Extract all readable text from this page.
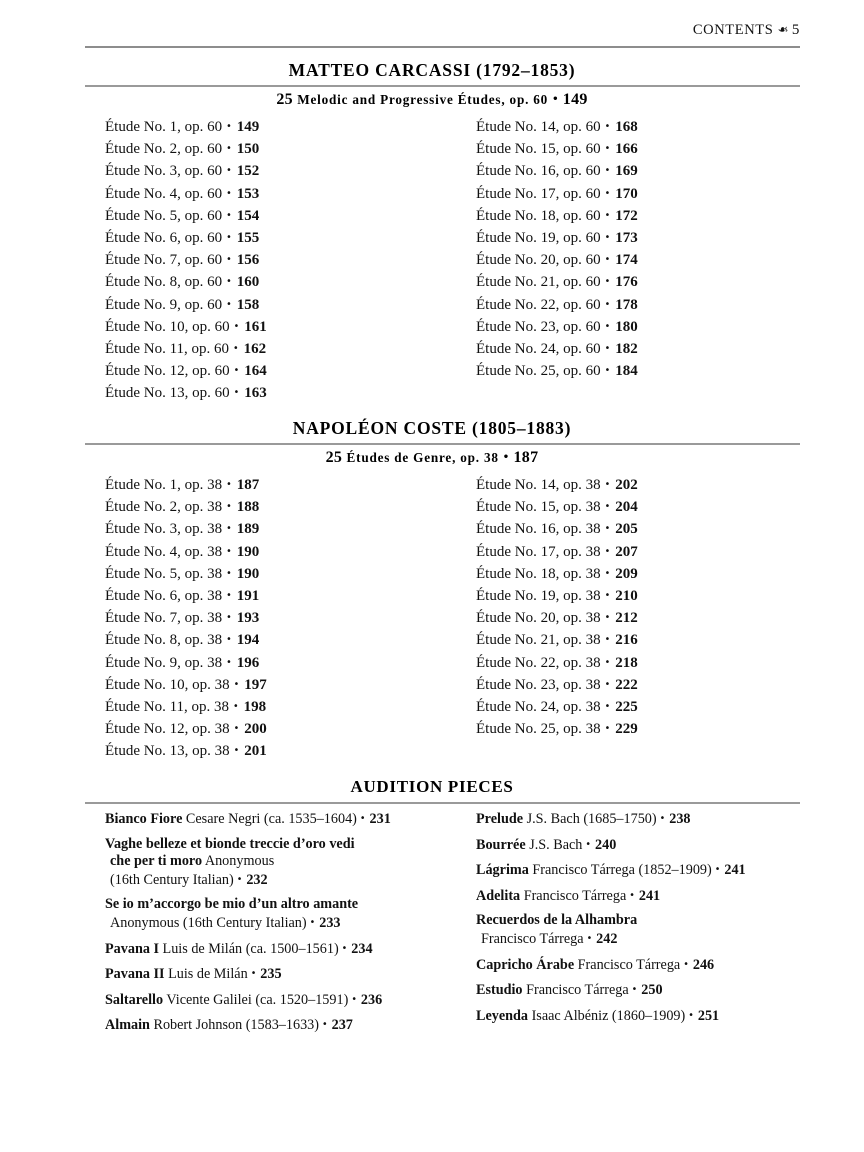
CONTENTS ❧ 5
MATTEO CARCASSI (1792–1853)
25 Melodic and Progressive Études, op. 60 • 149
Étude No. 1, op. 60 • 149
Étude No. 2, op. 60 • 150
Étude No. 3, op. 60 • 152
Étude No. 4, op. 60 • 153
Étude No. 5, op. 60 • 154
Étude No. 6, op. 60 • 155
Étude No. 7, op. 60 • 156
Étude No. 8, op. 60 • 160
Étude No. 9, op. 60 • 158
Étude No. 10, op. 60 • 161
Étude No. 11, op. 60 • 162
Étude No. 12, op. 60 • 164
Étude No. 13, op. 60 • 163
Étude No. 14, op. 60 • 168
Étude No. 15, op. 60 • 166
Étude No. 16, op. 60 • 169
Étude No. 17, op. 60 • 170
Étude No. 18, op. 60 • 172
Étude No. 19, op. 60 • 173
Étude No. 20, op. 60 • 174
Étude No. 21, op. 60 • 176
Étude No. 22, op. 60 • 178
Étude No. 23, op. 60 • 180
Étude No. 24, op. 60 • 182
Étude No. 25, op. 60 • 184
NAPOLÉON COSTE (1805–1883)
25 Études de Genre, op. 38 • 187
Étude No. 1, op. 38 • 187
Étude No. 2, op. 38 • 188
Étude No. 3, op. 38 • 189
Étude No. 4, op. 38 • 190
Étude No. 5, op. 38 • 190
Étude No. 6, op. 38 • 191
Étude No. 7, op. 38 • 193
Étude No. 8, op. 38 • 194
Étude No. 9, op. 38 • 196
Étude No. 10, op. 38 • 197
Étude No. 11, op. 38 • 198
Étude No. 12, op. 38 • 200
Étude No. 13, op. 38 • 201
Étude No. 14, op. 38 • 202
Étude No. 15, op. 38 • 204
Étude No. 16, op. 38 • 205
Étude No. 17, op. 38 • 207
Étude No. 18, op. 38 • 209
Étude No. 19, op. 38 • 210
Étude No. 20, op. 38 • 212
Étude No. 21, op. 38 • 216
Étude No. 22, op. 38 • 218
Étude No. 23, op. 38 • 222
Étude No. 24, op. 38 • 225
Étude No. 25, op. 38 • 229
AUDITION PIECES
Bianco Fiore Cesare Negri (ca. 1535–1604) • 231
Vaghe belleze et bionde treccie d’oro vedi
che per ti moro Anonymous
(16th Century Italian) • 232
Se io m’accorgo be mio d’un altro amante
Anonymous (16th Century Italian) • 233
Pavana I Luis de Milán (ca. 1500–1561) • 234
Pavana II Luis de Milán • 235
Saltarello Vicente Galilei (ca. 1520–1591) • 236
Almain Robert Johnson (1583–1633) • 237
Prelude J.S. Bach (1685–1750) • 238
Bourrée J.S. Bach • 240
Lágrima Francisco Tárrega (1852–1909) • 241
Adelita Francisco Tárrega • 241
Recuerdos de la Alhambra
Francisco Tárrega • 242
Capricho Árabe Francisco Tárrega • 246
Estudio Francisco Tárrega • 250
Leyenda Isaac Albéniz (1860–1909) • 251
